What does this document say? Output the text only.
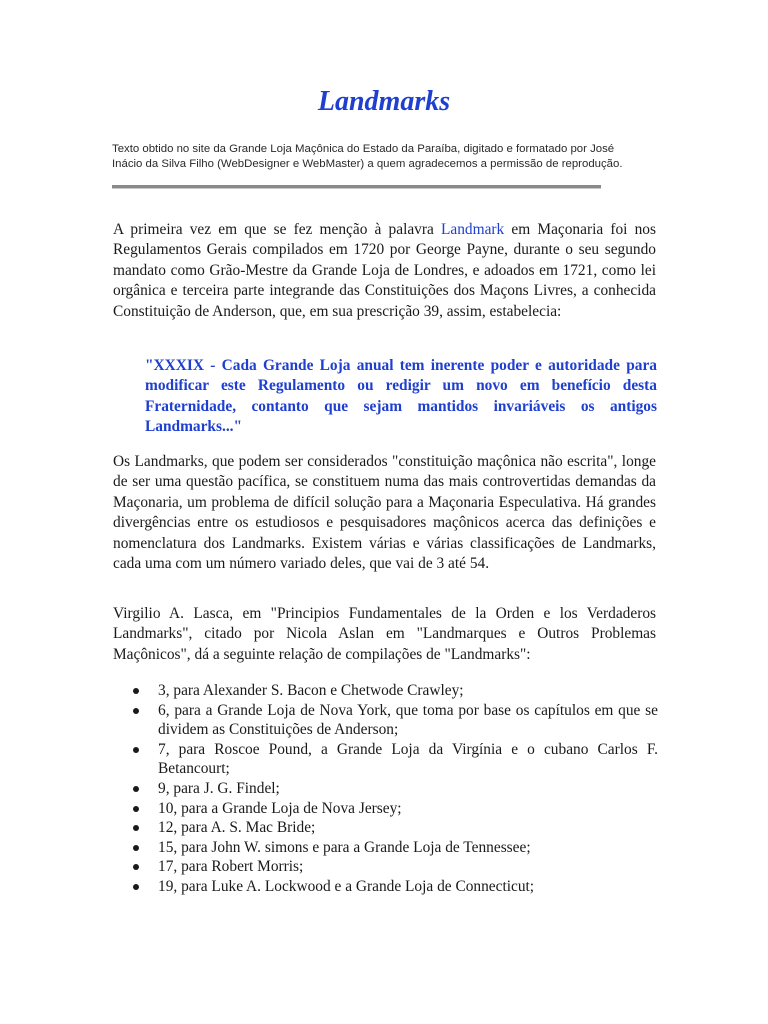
Landmarks

Texto obtido no site da Grande Loja Maçônica do Estado da Paraíba, digitado e formatado por José Inácio da Silva Filho (WebDesigner e WebMaster) a quem agradecemos a permissão de reprodução.

A primeira vez em que se fez menção à palavra Landmark em Maçonaria foi nos Regulamentos Gerais compilados em 1720 por George Payne, durante o seu segundo mandato como Grão-Mestre da Grande Loja de Londres, e adoados em 1721, como lei orgânica e terceira parte integrande das Constituições dos Maçons Livres, a conhecida Constituição de Anderson, que, em sua prescrição 39, assim, estabelecia:

"XXXIX - Cada Grande Loja anual tem inerente poder e autoridade para modificar este Regulamento ou redigir um novo em benefício desta Fraternidade, contanto que sejam mantidos invariáveis os antigos Landmarks..."

Os Landmarks, que podem ser considerados "constituição maçônica não escrita", longe de ser uma questão pacífica, se constituem numa das mais controvertidas demandas da Maçonaria, um problema de difícil solução para a Maçonaria Especulativa. Há grandes divergências entre os estudiosos e pesquisadores maçônicos acerca das definições e nomenclatura dos Landmarks. Existem várias e várias classificações de Landmarks, cada uma com um número variado deles, que vai de 3 até 54.

Virgilio A. Lasca, em "Principios Fundamentales de la Orden e los Verdaderos Landmarks", citado por Nicola Aslan em "Landmarques e Outros Problemas Maçônicos", dá a seguinte relação de compilações de "Landmarks":

3, para Alexander S. Bacon e Chetwode Crawley;
6, para a Grande Loja de Nova York, que toma por base os capítulos em que se dividem as Constituições de Anderson;
7, para Roscoe Pound, a Grande Loja da Virgínia e o cubano Carlos F. Betancourt;
9, para J. G. Findel;
10, para a Grande Loja de Nova Jersey;
12, para A. S. Mac Bride;
15, para John W. simons e para a Grande Loja de Tennessee;
17, para Robert Morris;
19, para Luke A. Lockwood e a Grande Loja de Connecticut;
